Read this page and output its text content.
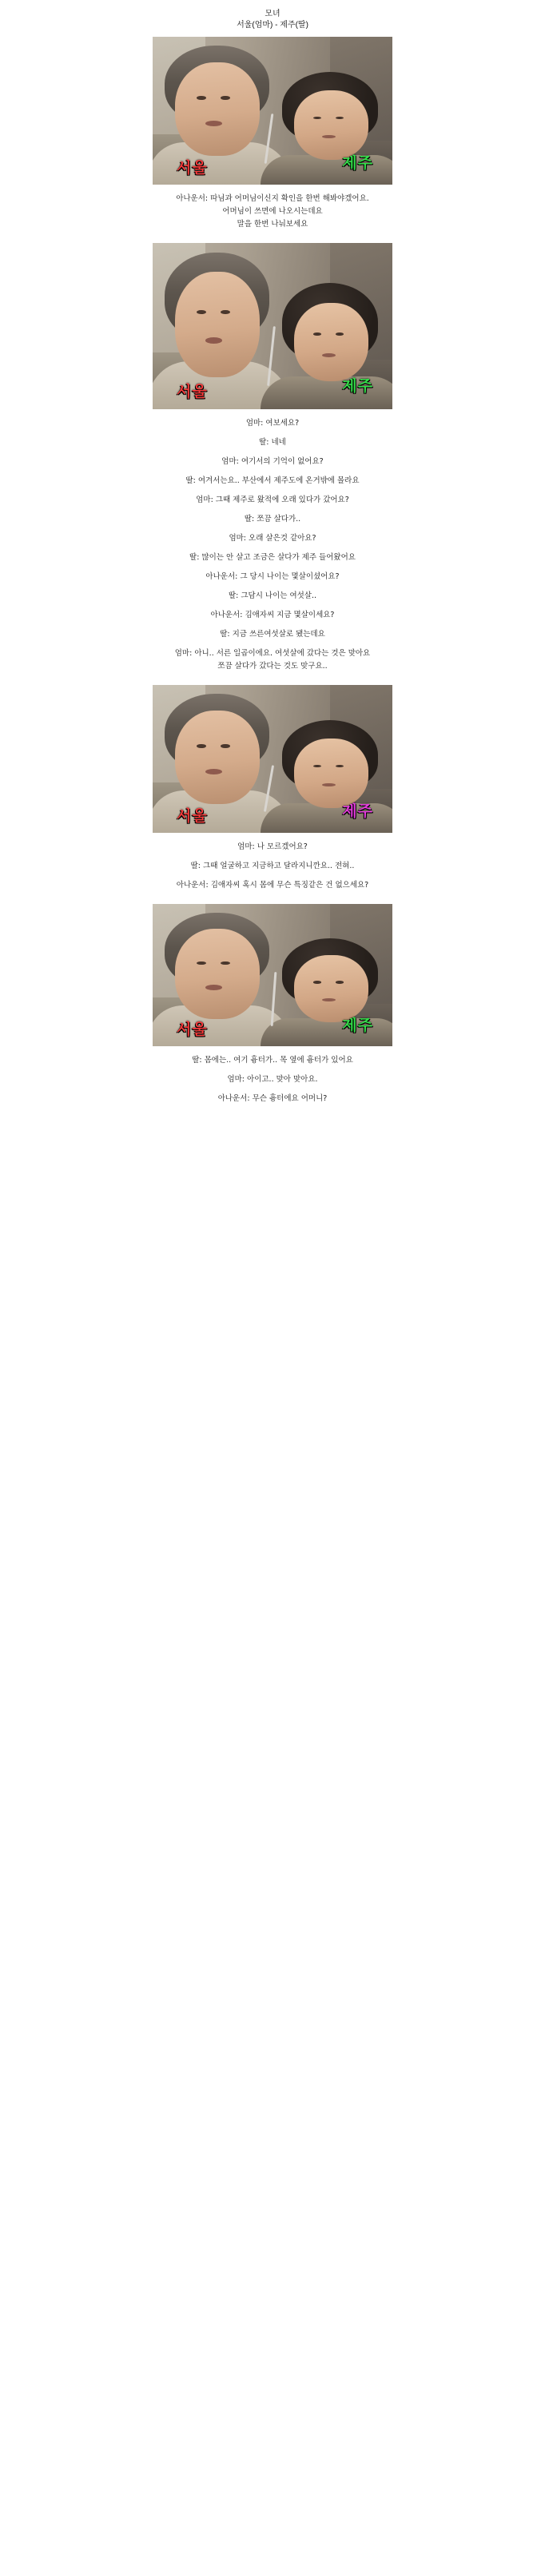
모녀
서울(엄마) - 제주(딸)
서울	제주

아나운서: 따님과 어머님이신지 확인을 한번 해봐야겠어요.

어머님이 쓰면에 나오시는데요

말을 한번 나눠보세요

서울	제주

엄마: 여보세요?

딸: 네네

엄마: 여기서의 기억이 없어요?

딸: 여겨서는요.. 부산에서 제주도에 온거밖에 몰라요

엄마: 그때 제주로 왔적에 오래 있다가 갔어요?

딸: 쪼끔 살다가..

엄마: 오래 살은것 같아요?

딸: 많이는 안 살고 조금은 살다가 제주 들어왔어요

아나운서: 그 당시 나이는 몇살이셨어요?

딸: 그담시 나이는 여섯살..

아나운서: 김애자씨 지금 몇살이세요?

딸: 지금 쓰른여섯살로 됐는데요

엄마: 아니.. 서른 일곱이에요. 여섯살에 갔다는 것은 맞아요

쪼끔 살다가 갔다는 것도 맞구요..

서울	제주

엄마: 나 모르겠어요?

딸: 그때 얼굴하고 지금하고 달라지니깐요.. 전혀..

아나운서: 김애자씨 혹시 몸에 무슨 특징같은 건 없으세요?

서울	제주

딸: 몸에는.. 여기 흉터가.. 목 옆에 흉터가 있어요

엄마: 아이고.. 맞아 맞아요.

아나운서: 무슨 흉터에요 어머니?
